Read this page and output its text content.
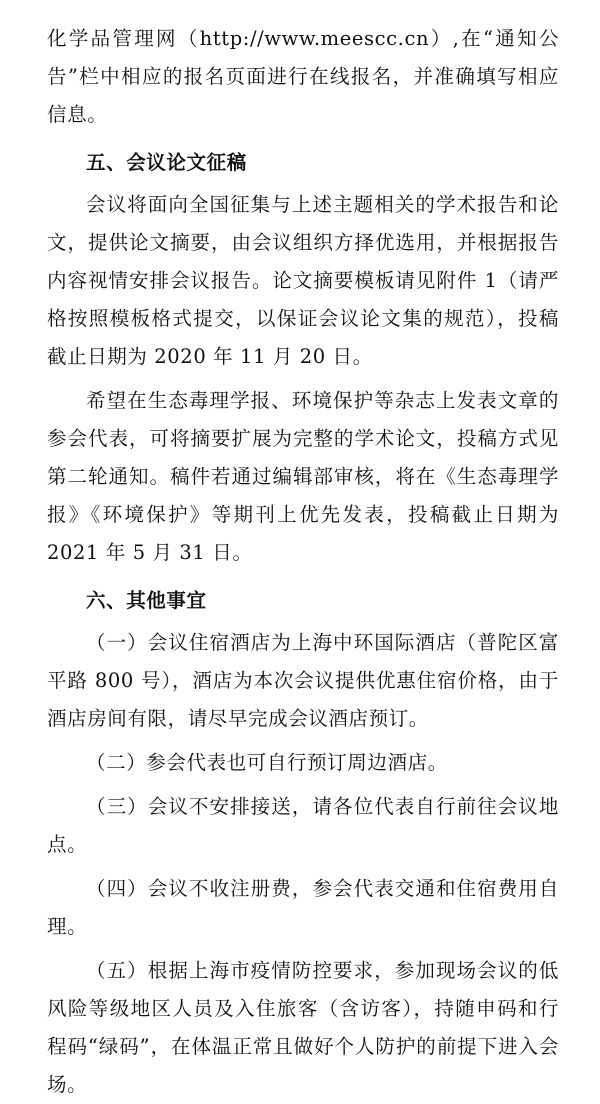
化学品管理网（http://www.meescc.cn）,在“通知公告”栏中相应的报名页面进行在线报名，并准确填写相应信息。

五、会议论文征稿

会议将面向全国征集与上述主题相关的学术报告和论文，提供论文摘要，由会议组织方择优选用，并根据报告内容视情安排会议报告。论文摘要模板请见附件 1（请严格按照模板格式提交，以保证会议论文集的规范），投稿截止日期为 2020 年 11 月 20 日。

希望在生态毒理学报、环境保护等杂志上发表文章的参会代表，可将摘要扩展为完整的学术论文，投稿方式见第二轮通知。稿件若通过编辑部审核，将在《生态毒理学报》《环境保护》等期刊上优先发表，投稿截止日期为 2021 年 5 月 31 日。

六、其他事宜

（一）会议住宿酒店为上海中环国际酒店（普陀区富平路 800 号），酒店为本次会议提供优惠住宿价格，由于酒店房间有限，请尽早完成会议酒店预订。

（二）参会代表也可自行预订周边酒店。

（三）会议不安排接送，请各位代表自行前往会议地点。

（四）会议不收注册费，参会代表交通和住宿费用自理。

（五）根据上海市疫情防控要求，参加现场会议的低风险等级地区人员及入住旅客（含访客），持随申码和行程码“绿码”，在体温正常且做好个人防护的前提下进入会场。
